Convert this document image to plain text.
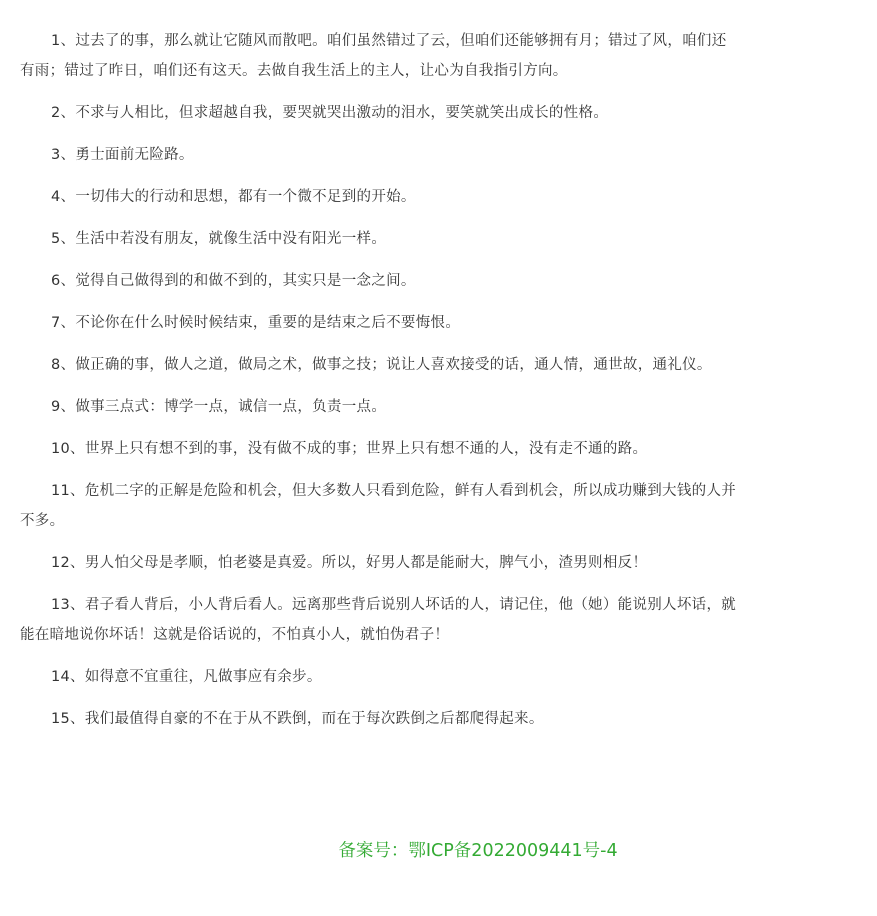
1、过去了的事，那么就让它随风而散吧。咱们虽然错过了云，但咱们还能够拥有月；错过了风，咱们还有雨；错过了昨日，咱们还有这天。去做自我生活上的主人，让心为自我指引方向。

2、不求与人相比，但求超越自我，要哭就哭出激动的泪水，要笑就笑出成长的性格。

3、勇士面前无险路。

4、一切伟大的行动和思想，都有一个微不足到的开始。

5、生活中若没有朋友，就像生活中没有阳光一样。

6、觉得自己做得到的和做不到的，其实只是一念之间。

7、不论你在什么时候时候结束，重要的是结束之后不要悔恨。

8、做正确的事，做人之道，做局之术，做事之技；说让人喜欢接受的话，通人情，通世故，通礼仪。

9、做事三点式：博学一点，诚信一点，负责一点。

10、世界上只有想不到的事，没有做不成的事；世界上只有想不通的人，没有走不通的路。

11、危机二字的正解是危险和机会，但大多数人只看到危险，鲜有人看到机会，所以成功赚到大钱的人并不多。

12、男人怕父母是孝顺，怕老婆是真爱。所以，好男人都是能耐大，脾气小，渣男则相反！

13、君子看人背后，小人背后看人。远离那些背后说别人坏话的人，请记住，他（她）能说别人坏话，就能在暗地说你坏话！这就是俗话说的，不怕真小人，就怕伪君子！

14、如得意不宜重往，凡做事应有余步。

15、我们最值得自豪的不在于从不跌倒，而在于每次跌倒之后都爬得起来。

备案号：鄂ICP备2022009441号-4
